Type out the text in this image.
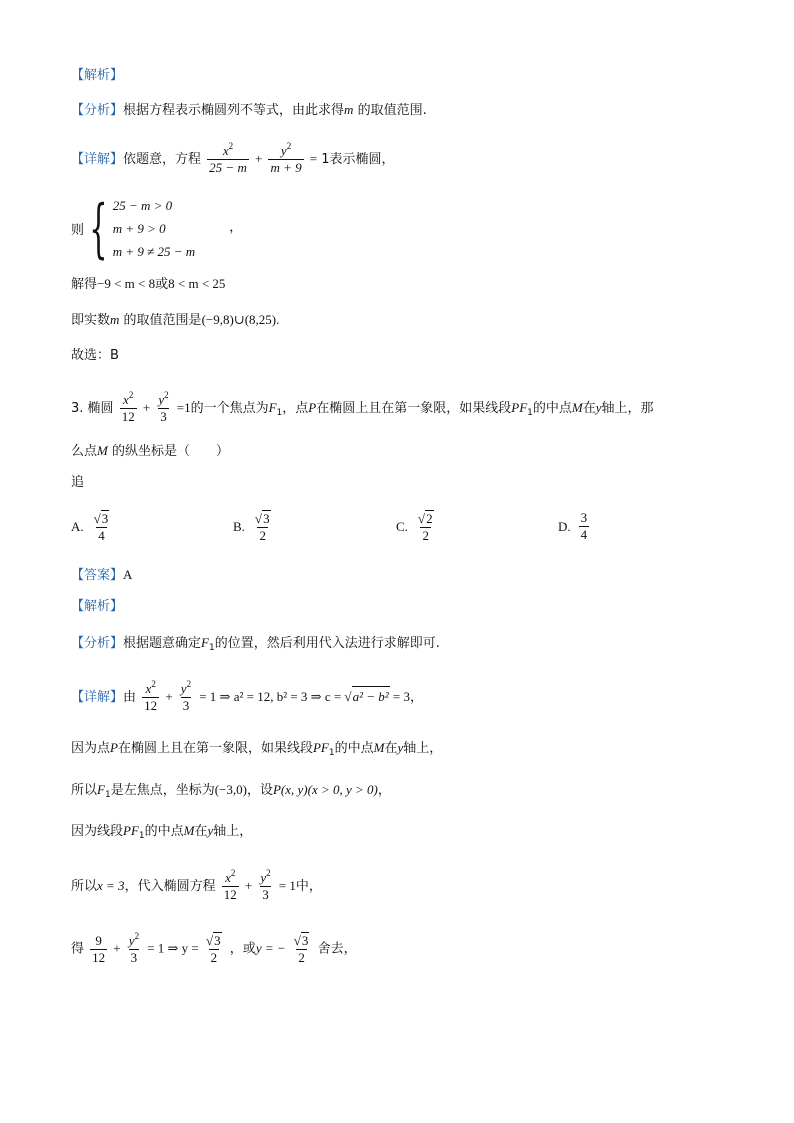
【解析】
【分析】根据方程表示椭圆列不等式，由此求得m 的取值范围.
【详解】依题意，方程 $\frac{x^2}{25 - m} + \frac{y^2}{m + 9} = 1$表示椭圆，
则 { 25 − m > 0
m + 9 > 0
m + 9 ≠ 25 − m
，
解得−9 < m < 8或8 < m < 25
即实数m 的取值范围是(−9,8)∪(8,25).
故选：B
3. 椭圆 $\frac{x^2}{12} + \frac{y^2}{3} =1$的一个焦点为$F_1$，点P在椭圆上且在第一象限，如果线段$PF_1$的中点M在y轴上，那
么点M 的纵坐标是（　　）
追
A. $\frac{√ 3}{4}$	B. $\frac{√ 3}{2}$	C. $\frac{√ 2}{2}$	D. $\frac{3}{4}$
【答案】A
【解析】
【分析】根据题意确定$F_1$的位置，然后利用代入法进行求解即可.
【详解】由 $\frac{x^2}{12} + \frac{y^2}{3} = 1$ ⇒ a² = 12, b² = 3 ⇒ c = √ a² − b² = 3，
因为点P在椭圆上且在第一象限，如果线段$PF_1$的中点M在y轴上，
所以$F_1$是左焦点，坐标为(−3,0)，设P(x, y)(x > 0, y > 0)，
因为线段$PF_1$的中点M在y轴上，
所以x = 3，代入椭圆方程 $\frac{x^2}{12} + \frac{y^2}{3} = 1$中，
得 $\frac{9}{12} + \frac{y^2}{3} = 1$ ⇒ $y = \frac{√ 3}{2}$ ，或y = − $\frac{√ 3}{2}$ 舍去，
